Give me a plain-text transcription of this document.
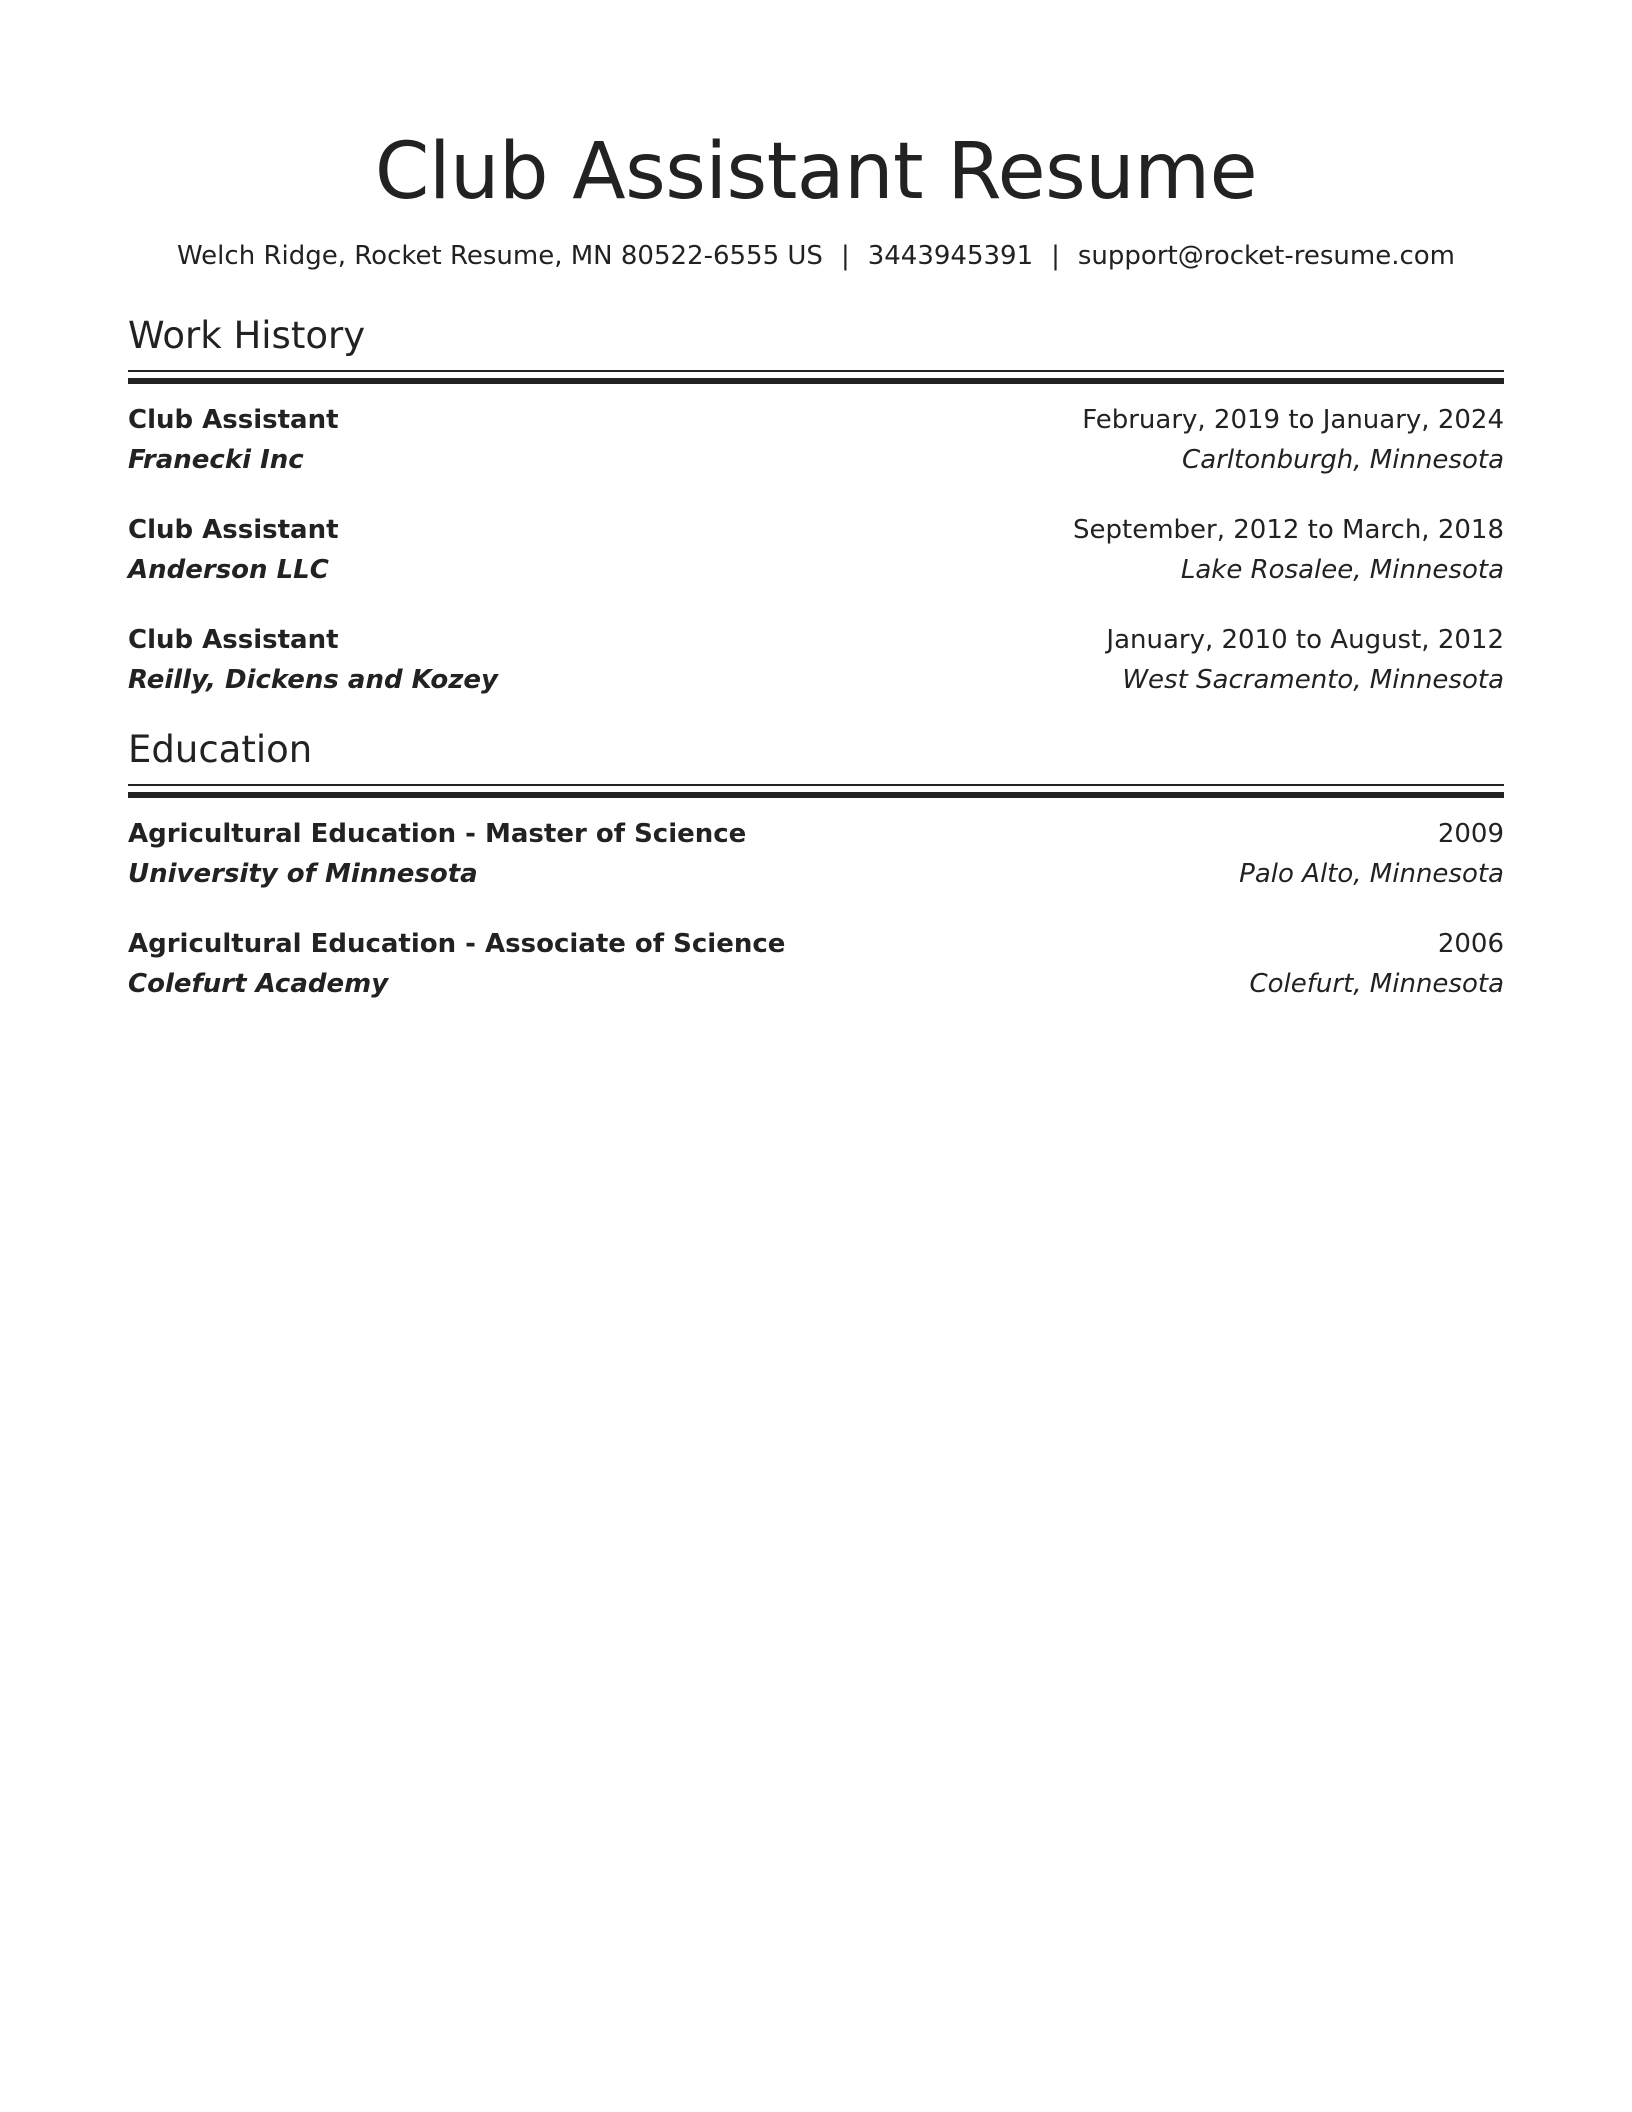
Club Assistant Resume
Welch Ridge, Rocket Resume, MN 80522-6555 US | 3443945391 | support@rocket-resume.com
Work History
Club Assistant	February, 2019 to January, 2024
Franecki Inc	Carltonburgh, Minnesota
Club Assistant	September, 2012 to March, 2018
Anderson LLC	Lake Rosalee, Minnesota
Club Assistant	January, 2010 to August, 2012
Reilly, Dickens and Kozey	West Sacramento, Minnesota
Education
Agricultural Education - Master of Science	2009
University of Minnesota	Palo Alto, Minnesota
Agricultural Education - Associate of Science	2006
Colefurt Academy	Colefurt, Minnesota
